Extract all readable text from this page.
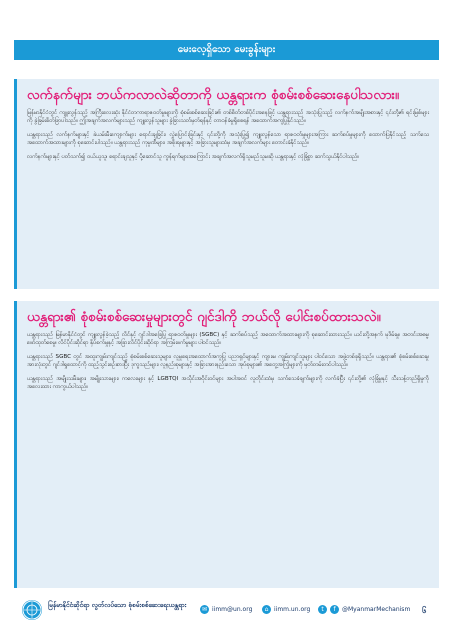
မေးလေ့ရှိသော မေးခွန်းများ
လက်နက်များ ဘယ်ကလာလဲဆိုတာကို ယန္တရားက စုံစမ်းစစ်ဆေးနေပါသလား။

မြန်မာနိုင်ငံတွင် ကျူးလွန်သည့် အကြီးလေးဆုံး နိုင်ငံတကာရာဇဝတ်မှုများကို စုံစမ်းစစ်ဆေးခြင်း၏ တစ်စိတ်တစ်ပိုင်းအနေဖြင့် ယန္တရားသည် အသုံးပြုသည့် လက်နက်အမျိုးအစားနှင့် ၎င်းတို့၏ ရင်းမြစ်များကို ခွဲခြမ်းစိတ်ဖြာပါသည်။ ဤအချက်အလက်များသည် ကျူးလွန်သူများ ခွဲခြားသတ်မှတ်ရန်နှင့် တာဝန်ခံမှုရှိစေရန် အထောက်အကူပြုနိုင်သည်။

ယန္တရားသည် လက်နက်များနှင့် ခဲယမ်းမီးကျောက်များ ရောင်းချခြင်း၊ လွှဲပြောင်းခြင်းနှင့် ၎င်းတို့ကို အသုံးပြု၍ ကျူးလွန်သော ရာဇဝတ်မှုများအကြား ဆက်စပ်မှုများကို ထောက်ပြနိုင်သည့် သက်သေအထောက်အထားများကို စုဆောင်းပါသည်။ ယန္တရားသည် ကုမ္ပဏီများ၊ အစိုးရများနှင့် အခြားသူများထံမှ အချက်အလက်များ တောင်းခံနိုင်သည်။

လက်နက်များနှင့် ပတ်သက်၍ ဝယ်ယူသူ၊ ရောင်းချသူနှင့် ပို့ဆောင်သူ ကွန်ရက်များအကြောင်း အချက်အလက်ရှိသူမည်သူမဆို ယန္တရားနှင့် လုံခြုံစွာ ဆက်သွယ်နိုင်ပါသည်။

ယန္တရား၏ စုံစမ်းစစ်ဆေးမှုများတွင် ဂျင်ဒါကို ဘယ်လို ပေါင်းစပ်ထားသလဲ။

ယန္တရားသည် မြန်မာနိုင်ငံတွင် ကျူးလွန်ခဲ့သည့် လိင်နှင့် ဂျင်ဒါအခြေပြု ရာဇဝတ်မှုများ (SGBC) နှင့် ဆက်စပ်သည့် အထောက်အထားများကို စုဆောင်းထားသည်။ ယင်းတို့အနက် မုဒိမ်းမှု၊ အတင်းအဓမ္မ ဖော်ထုတ်စေမှု၊ လိင်ပိုင်းဆိုင်ရာ နှိပ်စက်မှုနှင့် အခြားလိင်ပိုင်းဆိုင်ရာ အကြမ်းဖက်မှုများ ပါဝင်သည်။

ယန္တရားသည် SGBC တွင် အထူးကျွမ်းကျင်သည့် စုံစမ်းစစ်ဆေးသူများ၊ လူမှုရေးအထောက်အကူပြု ပညာရှင်များနှင့် ကျား၊မ ကျွမ်းကျင်သူများ ပါဝင်သော အဖွဲ့တစ်ခုရှိသည်။ ယန္တရား၏ စုံစမ်းစစ်ဆေးမှုအားလုံးတွင် ဂျင်ဒါရှုထောင့်ကို ထည့်သွင်းစဉ်းစားပြီး ဒုက္ခသည်များ၊ လူနည်းစုများနှင့် အခြားအားနည်းသော အုပ်စုများ၏ အတွေ့အကြုံများကို မှတ်တမ်းတင်ပါသည်။

ယန္တရားသည် အမျိုးသမီးများ၊ အမျိုးသားများ၊ ကလေးများ နှင့် LGBTQI အသိုင်းအဝိုင်းဝင်များ အပါအဝင် လူတိုင်းထံမှ သက်သေခံချက်များကို လက်ခံပြီး ၎င်းတို့၏ လုံခြုံမှုနှင့် သီးသန့်တည်ရှိမှုကို အလေးထား ကာကွယ်ပါသည်။

မြန်မာနိုင်ငံဆိုင်ရာ လွတ်လပ်သော စုံစမ်းစစ်ဆေးရေးယန္တရား
✉ iimm@un.org	⌂ iimm.un.org	t	f	@MyanmarMechanism ၆
